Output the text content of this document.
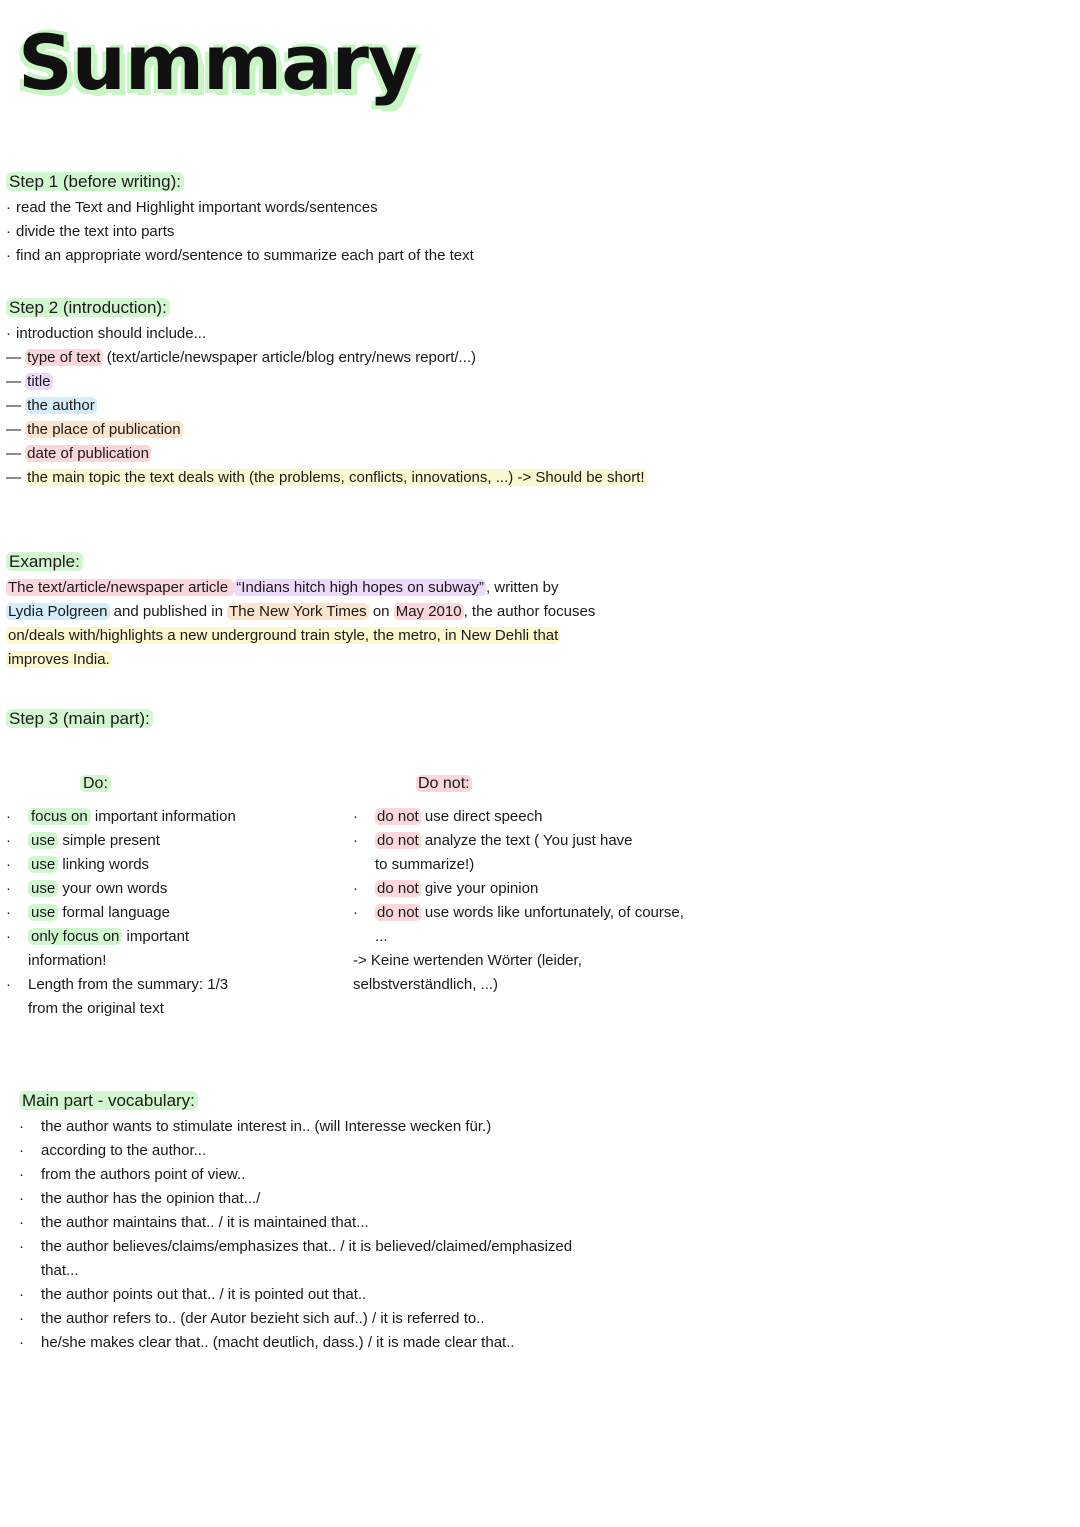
Summary
Step 1 (before writing):
· read the Text and Highlight important words/sentences
· divide the text into parts
· find an appropriate word/sentence to summarize each part of the text
Step 2 (introduction):
· introduction should include...
— type of text (text/article/newspaper article/blog entry/news report/...)
— title
— the author
— the place of publication
— date of publication
— the main topic the text deals with (the problems, conflicts, innovations, ...) -> Should be short!
Example:
The text/article/newspaper article “Indians hitch high hopes on subway” , written by
Lydia Polgreen and published in The New York Times on May 2010 , the author focuses
on/deals with/highlights a new underground train style, the metro, in New Dehli that
improves India.
Step 3 (main part):
Do:	Do not:
· focus on important information
· use simple present
· use linking words
· use your own words
· use formal language
· only focus on important information!
· Length from the summary: 1/3 from the original text
· do not use direct speech
· do not analyze the text ( You just have to summarize!)
· do not give your opinion
· do not use words like unfortunately, of course, ...
-> Keine wertenden Wörter (leider, selbstverständlich, ...)
Main part - vocabulary:
· the author wants to stimulate interest in.. (will Interesse wecken für.)
· according to the author...
· from the authors point of view..
· the author has the opinion that.../
· the author maintains that.. / it is maintained that...
· the author believes/claims/emphasizes that.. / it is believed/claimed/emphasized that...
· the author points out that.. / it is pointed out that..
· the author refers to.. (der Autor bezieht sich auf..) / it is referred to..
· he/she makes clear that.. (macht deutlich, dass.) / it is made clear that..
